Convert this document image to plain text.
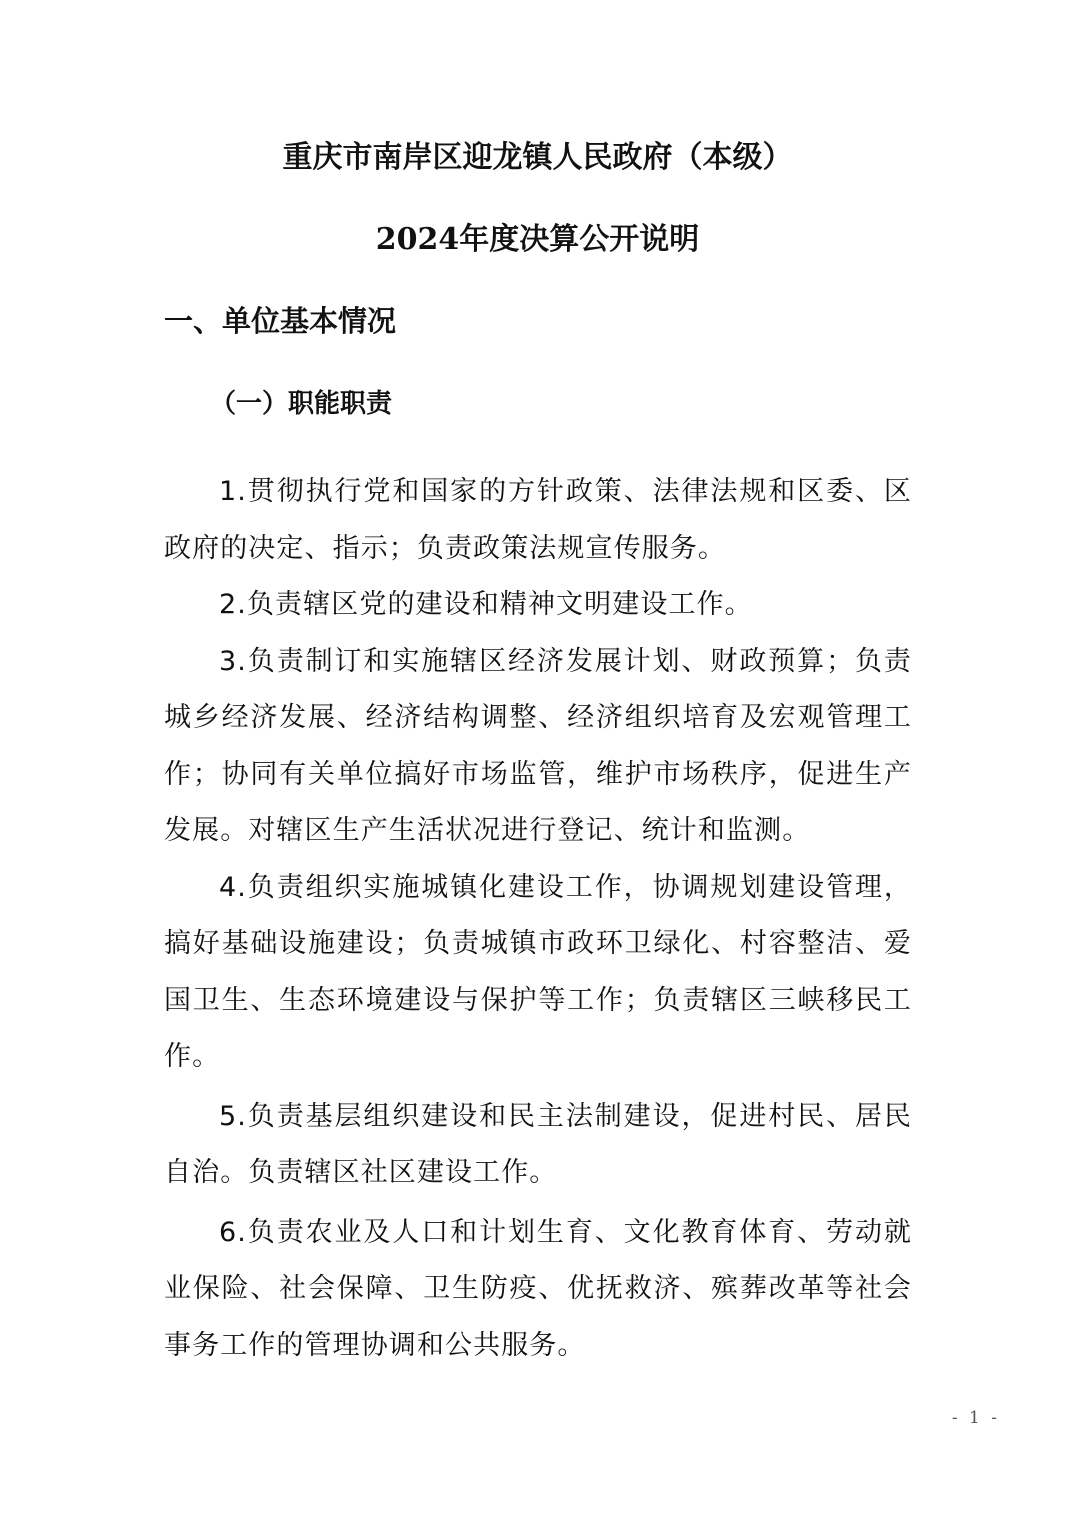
重庆市南岸区迎龙镇人民政府（本级）
2024年度决算公开说明
一、单位基本情况
（一）职能职责

1.贯彻执行党和国家的方针政策、法律法规和区委、区政府的决定、指示；负责政策法规宣传服务。

2.负责辖区党的建设和精神文明建设工作。

3.负责制订和实施辖区经济发展计划、财政预算；负责城乡经济发展、经济结构调整、经济组织培育及宏观管理工作；协同有关单位搞好市场监管，维护市场秩序，促进生产发展。对辖区生产生活状况进行登记、统计和监测。

4.负责组织实施城镇化建设工作，协调规划建设管理，搞好基础设施建设；负责城镇市政环卫绿化、村容整洁、爱国卫生、生态环境建设与保护等工作；负责辖区三峡移民工作。

5.负责基层组织建设和民主法制建设，促进村民、居民自治。负责辖区社区建设工作。

6.负责农业及人口和计划生育、文化教育体育、劳动就业保险、社会保障、卫生防疫、优抚救济、殡葬改革等社会事务工作的管理协调和公共服务。

- 1 -
